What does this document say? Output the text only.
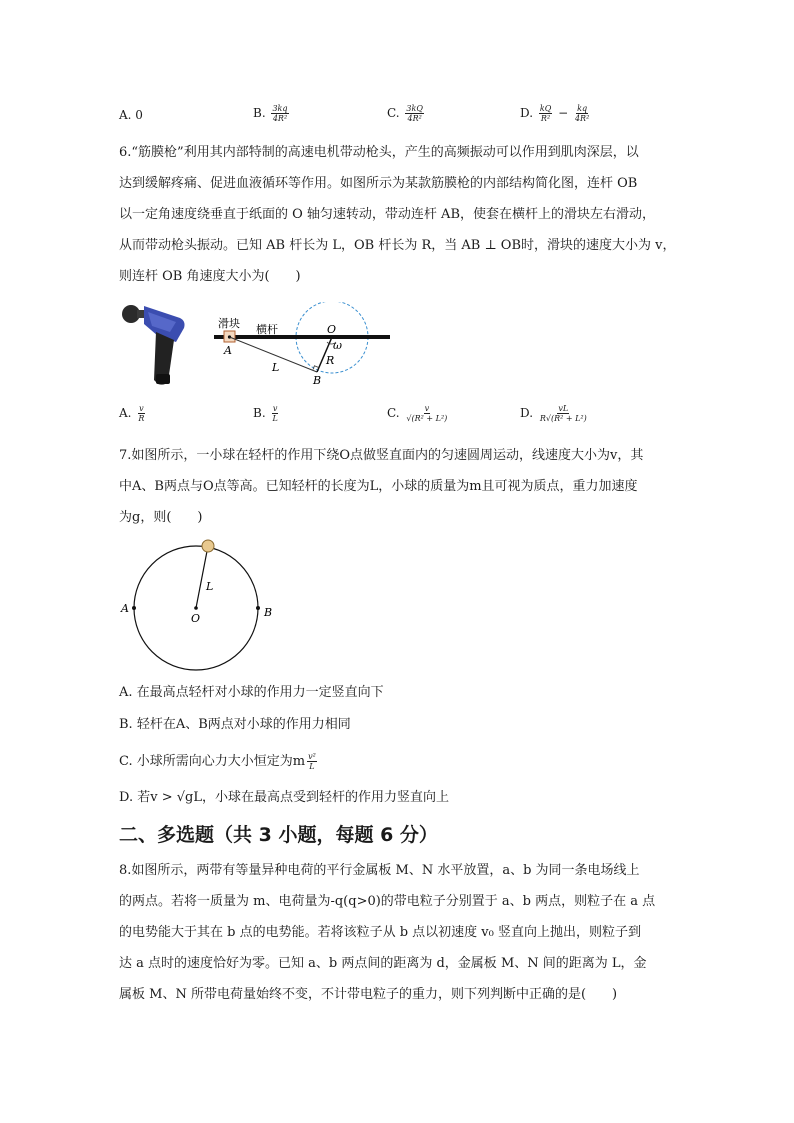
A. 0	B. $\frac{3kq}{\text{4R²}}$	C. $\frac{3kQ}{\text{4R²}}$	D. $\frac{kQ}{\text{R²}} - \frac{kq}{\text{4R²}}$
6.“筋膜枪”利用其内部特制的高速电机带动枪头，产生的高频振动可以作用到肌肉深层，以
达到缓解疼痛、促进血液循环等作用。如图所示为某款筋膜枪的内部结构简化图，连杆 OB
以一定角速度绕垂直于纸面的 O 轴匀速转动，带动连杆 AB，使套在横杆上的滑块左右滑动，
从而带动枪头振动。已知 AB 杆长为 L，OB 杆长为 R，当 AB ⊥ OB时，滑块的速度大小为 v，
则连杆 OB 角速度大小为(　　)
滑块 横杆	O
ω
A
B
L
R
A. $\frac{v}{R}$	B. $\frac{v}{L}$	C. $\frac{v}{\text{√(R² + L²)}}$	D. $\frac{vL}{\text{R√(R² + L²)}}$
7.如图所示，一小球在轻杆的作用下绕O点做竖直面内的匀速圆周运动，线速度大小为v，其
中A、B两点与O点等高。已知轻杆的长度为L，小球的质量为m且可视为质点，重力加速度
为g，则(　　)
A	B
O
L
A. 在最高点轻杆对小球的作用力一定竖直向下
B. 轻杆在A、B两点对小球的作用力相同
C. 小球所需向心力大小恒定为m $\frac{\text{v²}}{L}$
D. 若v > √gL，小球在最高点受到轻杆的作用力竖直向上
二、多选题（共 3 小题，每题 6 分）
8.如图所示，两带有等量异种电荷的平行金属板 M、N 水平放置，a、b 为同一条电场线上
的两点。若将一质量为 m、电荷量为-q(q>0)的带电粒子分别置于 a、b 两点，则粒子在 a 点
的电势能大于其在 b 点的电势能。若将该粒子从 b 点以初速度 v₀ 竖直向上抛出，则粒子到
达 a 点时的速度恰好为零。已知 a、b 两点间的距离为 d，金属板 M、N 间的距离为 L，金
属板 M、N 所带电荷量始终不变，不计带电粒子的重力，则下列判断中正确的是(　　)
